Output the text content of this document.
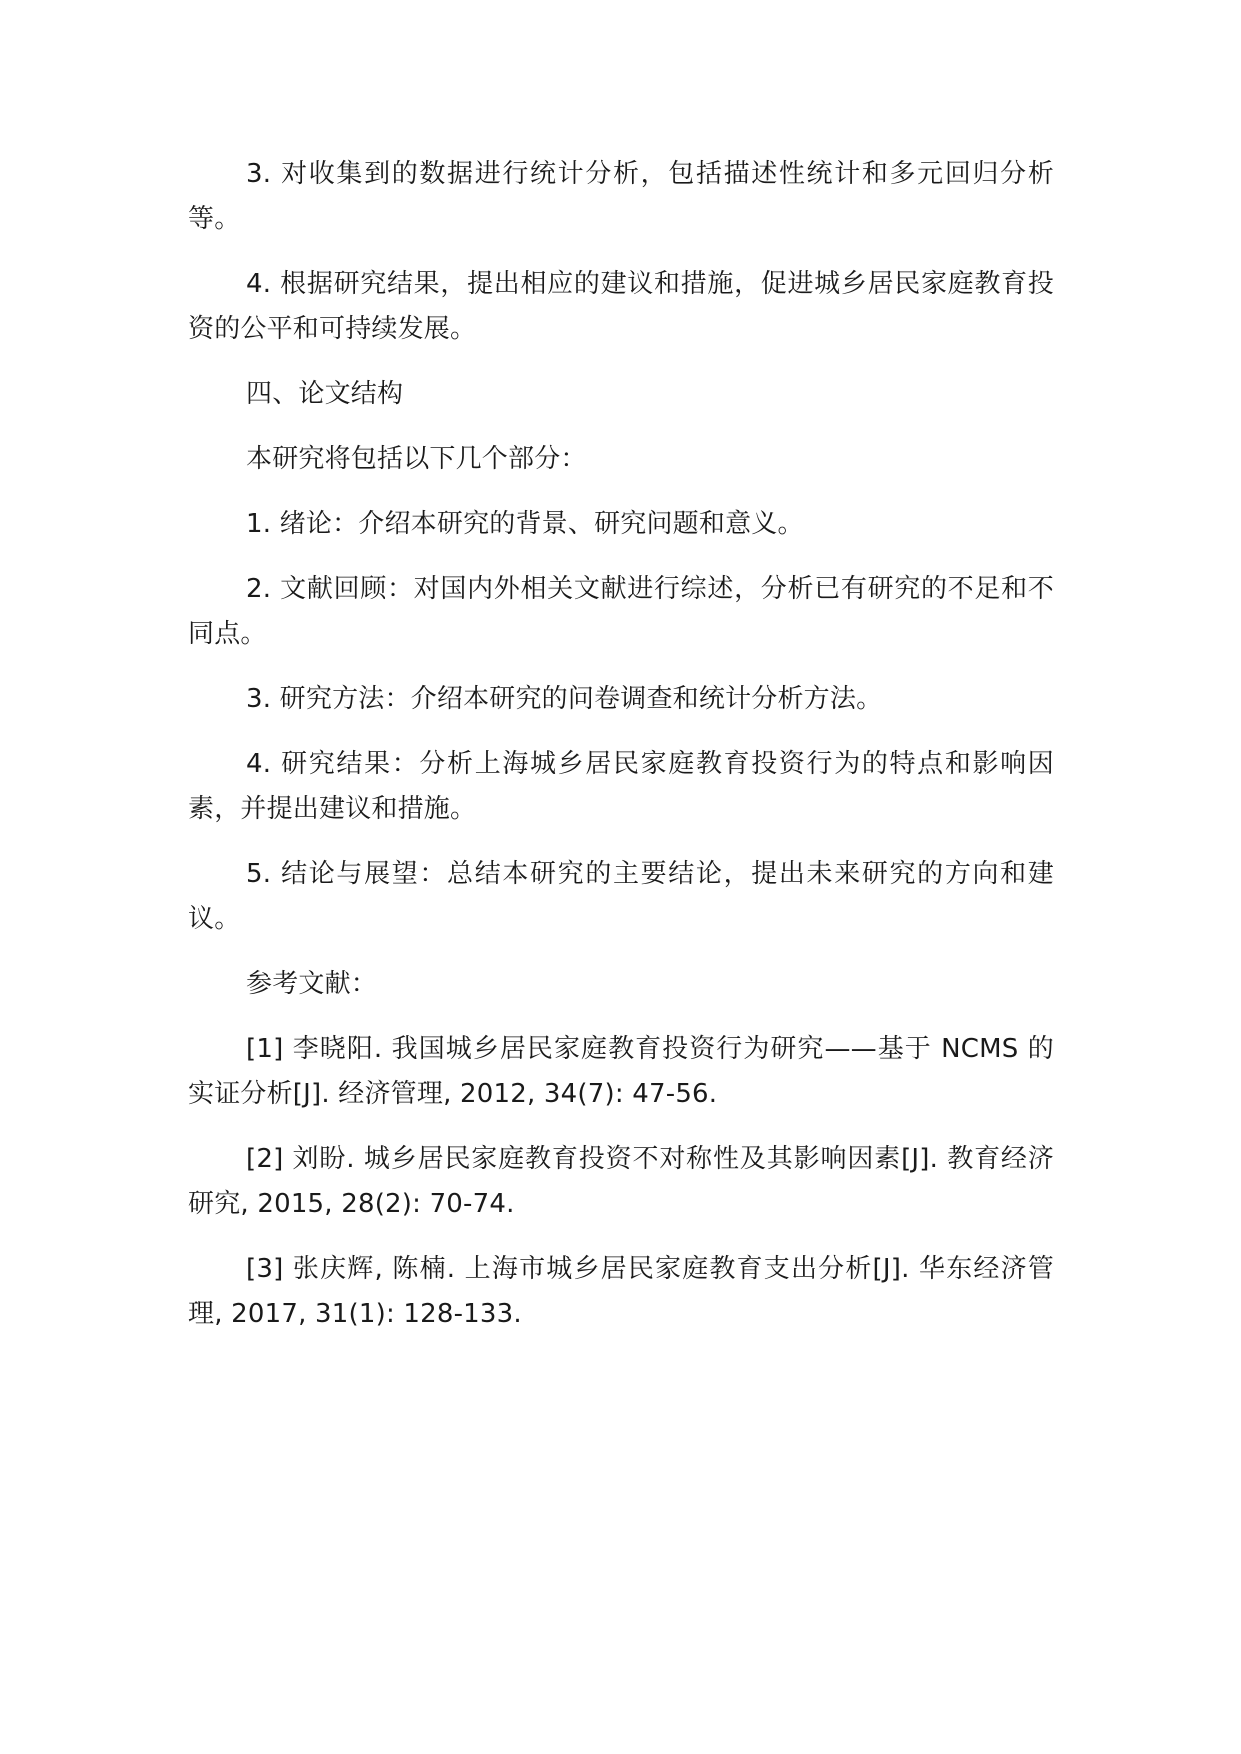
3. 对收集到的数据进行统计分析，包括描述性统计和多元回归分析等。

4. 根据研究结果，提出相应的建议和措施，促进城乡居民家庭教育投资的公平和可持续发展。

四、论文结构

本研究将包括以下几个部分：

1. 绪论：介绍本研究的背景、研究问题和意义。

2. 文献回顾：对国内外相关文献进行综述，分析已有研究的不足和不同点。

3. 研究方法：介绍本研究的问卷调查和统计分析方法。

4. 研究结果：分析上海城乡居民家庭教育投资行为的特点和影响因素，并提出建议和措施。

5. 结论与展望：总结本研究的主要结论，提出未来研究的方向和建议。

参考文献：

[1] 李晓阳. 我国城乡居民家庭教育投资行为研究——基于 NCMS 的实证分析[J]. 经济管理, 2012, 34(7): 47-56.

[2] 刘盼. 城乡居民家庭教育投资不对称性及其影响因素[J]. 教育经济研究, 2015, 28(2): 70-74.

[3] 张庆辉, 陈楠. 上海市城乡居民家庭教育支出分析[J]. 华东经济管理, 2017, 31(1): 128-133.
